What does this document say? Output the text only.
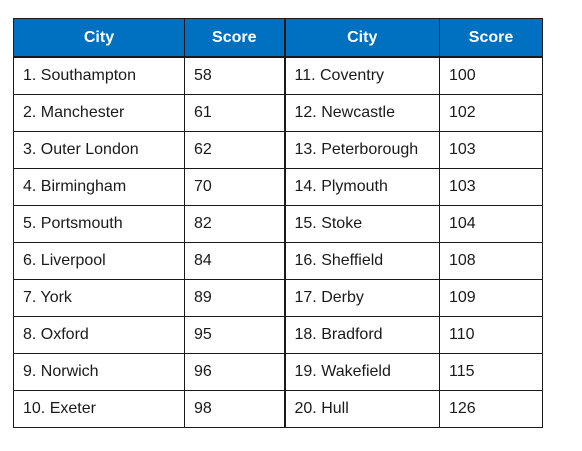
City	Score	City	Score
1. Southampton	58	11. Coventry	100
2. Manchester	61	12. Newcastle	102
3. Outer London	62	13. Peterborough	103
4. Birmingham	70	14. Plymouth	103
5. Portsmouth	82	15. Stoke	104
6. Liverpool	84	16. Sheffield	108
7. York	89	17. Derby	109
8. Oxford	95	18. Bradford	110
9. Norwich	96	19. Wakefield	115
10. Exeter	98	20. Hull	126
